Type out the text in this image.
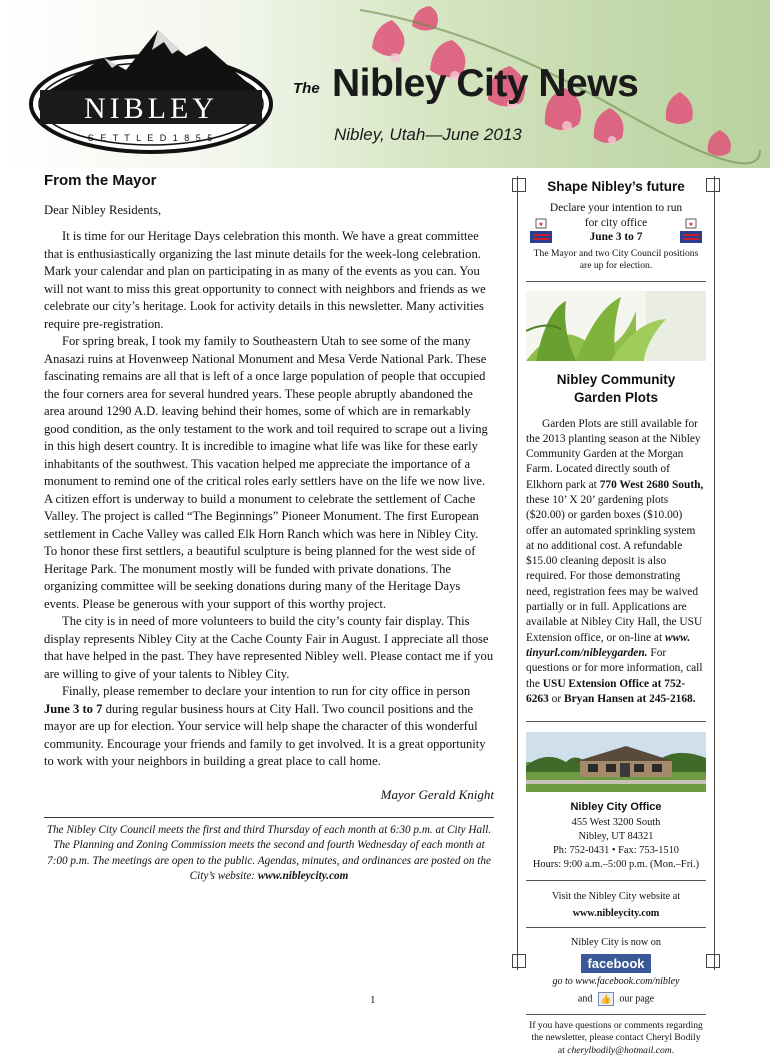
NIBLEY
S E T T L E D 1 8 5 5
The Nibley City News
Nibley, Utah—June 2013
From the Mayor
Dear Nibley Residents,

It is time for our Heritage Days celebration this month. We have a great committee that is enthusiastically organizing the last minute details for the week-long celebration. Mark your calendar and plan on participating in as many of the events as you can. You will not want to miss this great opportunity to connect with neighbors and friends as we celebrate our city’s heritage. Look for activity details in this newsletter. Many activities require pre-registration.

For spring break, I took my family to Southeastern Utah to see some of the many Anasazi ruins at Hovenweep National Monument and Mesa Verde National Park. These fascinating remains are all that is left of a once large population of people that occupied the four corners area for several hundred years. These people abruptly abandoned the area around 1290 A.D. leaving behind their homes, some of which are in remarkably good condition, as the only testament to the work and toil required to scrape out a living in this high desert country. It is incredible to imagine what life was like for these early inhabitants of the southwest. This vacation helped me appreciate the importance of a monument to remind one of the critical roles early settlers have on the life we now live. A citizen effort is underway to build a monument to celebrate the settlement of Cache Valley. The project is called “The Beginnings” Pioneer Monument. The first European settlement in Cache Valley was called Elk Horn Ranch which was here in Nibley City. To honor these first settlers, a beautiful sculpture is being planned for the west side of Heritage Park. The monument mostly will be funded with private donations. The organizing committee will be seeking donations during many of the Heritage Days events. Please be generous with your support of this worthy project.

The city is in need of more volunteers to build the city’s county fair display. This display represents Nibley City at the Cache County Fair in August. I appreciate all those that have helped in the past. They have represented Nibley well. Please contact me if you are willing to give of your talents to Nibley City.

Finally, please remember to declare your intention to run for city office in person June 3 to 7 during regular business hours at City Hall. Two council positions and the mayor are up for election. Your service will help shape the character of this wonderful community. Encourage your friends and family to get involved. It is a great opportunity to work with your neighbors in building a great place to call home.

Mayor Gerald Knight
The Nibley City Council meets the first and third Thursday of each month at 6:30 p.m. at City Hall. The Planning and Zoning Commission meets the second and fourth Wednesday of each month at 7:00 p.m. The meetings are open to the public. Agendas, minutes, and ordinances are posted on the City’s website: www.nibleycity.com
1
Shape Nibley’s future
Declare your intention to run
★	★
for city office
June 3 to 7
The Mayor and two City Council positions are up for election.
Nibley Community
Garden Plots

Garden Plots are still available for the 2013 planting season at the Nibley Community Garden at the Morgan Farm. Located directly south of Elkhorn park at 770 West 2680 South, these 10’ X 20’ gardening plots ($20.00) or garden boxes ($10.00) offer an automated sprinkling system at no additional cost. A refundable $15.00 cleaning deposit is also required. For those demonstrating need, registration fees may be waived partially or in full. Applications are available at Nibley City Hall, the USU Extension office, or on-line at www. tinyurl.com/nibleygarden. For questions or for more information, call the USU Extension Office at 752-6263 or Bryan Hansen at 245-2168.

Nibley City Office
455 West 3200 South
Nibley, UT 84321
Ph: 752-0431 • Fax: 753-1510
Hours: 9:00 a.m.–5:00 p.m. (Mon.–Fri.)
Visit the Nibley City website at
www.nibleycity.com
Nibley City is now on
facebook
go to www.facebook.com/nibley
and 👍 our page
If you have questions or comments regarding the newsletter, please contact Cheryl Bodily at cherylbodily@hotmail.com.
